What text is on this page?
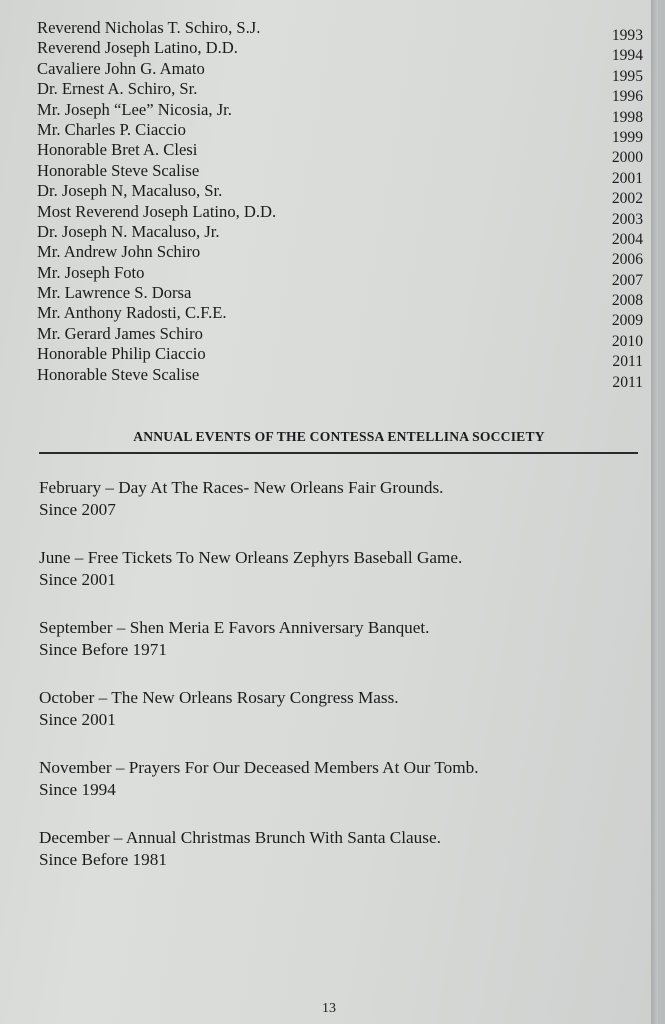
Reverend Nicholas T. Schiro, S.J.	1993
Reverend Joseph Latino, D.D.	1994
Cavaliere John G. Amato	1995
Dr. Ernest A. Schiro, Sr.	1996
Mr. Joseph “Lee” Nicosia, Jr.	1998
Mr. Charles P. Ciaccio	1999
Honorable Bret A. Clesi	2000
Honorable Steve Scalise	2001
Dr. Joseph N, Macaluso, Sr.	2002
Most Reverend Joseph Latino, D.D.	2003
Dr. Joseph N. Macaluso, Jr.	2004
Mr. Andrew John Schiro	2006
Mr. Joseph Foto	2007
Mr. Lawrence S. Dorsa	2008
Mr. Anthony Radosti, C.F.E.	2009
Mr. Gerard James Schiro	2010
Honorable Philip Ciaccio	2011
Honorable Steve Scalise	2011
ANNUAL EVENTS OF THE CONTESSA ENTELLINA SOCCIETY
February – Day At The Races- New Orleans Fair Grounds.
Since 2007
June – Free Tickets To New Orleans Zephyrs Baseball Game.
Since 2001
September – Shen Meria E Favors Anniversary Banquet.
Since Before 1971
October – The New Orleans Rosary Congress Mass.
Since 2001
November – Prayers For Our Deceased Members At Our Tomb.
Since 1994
December – Annual Christmas Brunch With Santa Clause.
Since Before 1981
13
